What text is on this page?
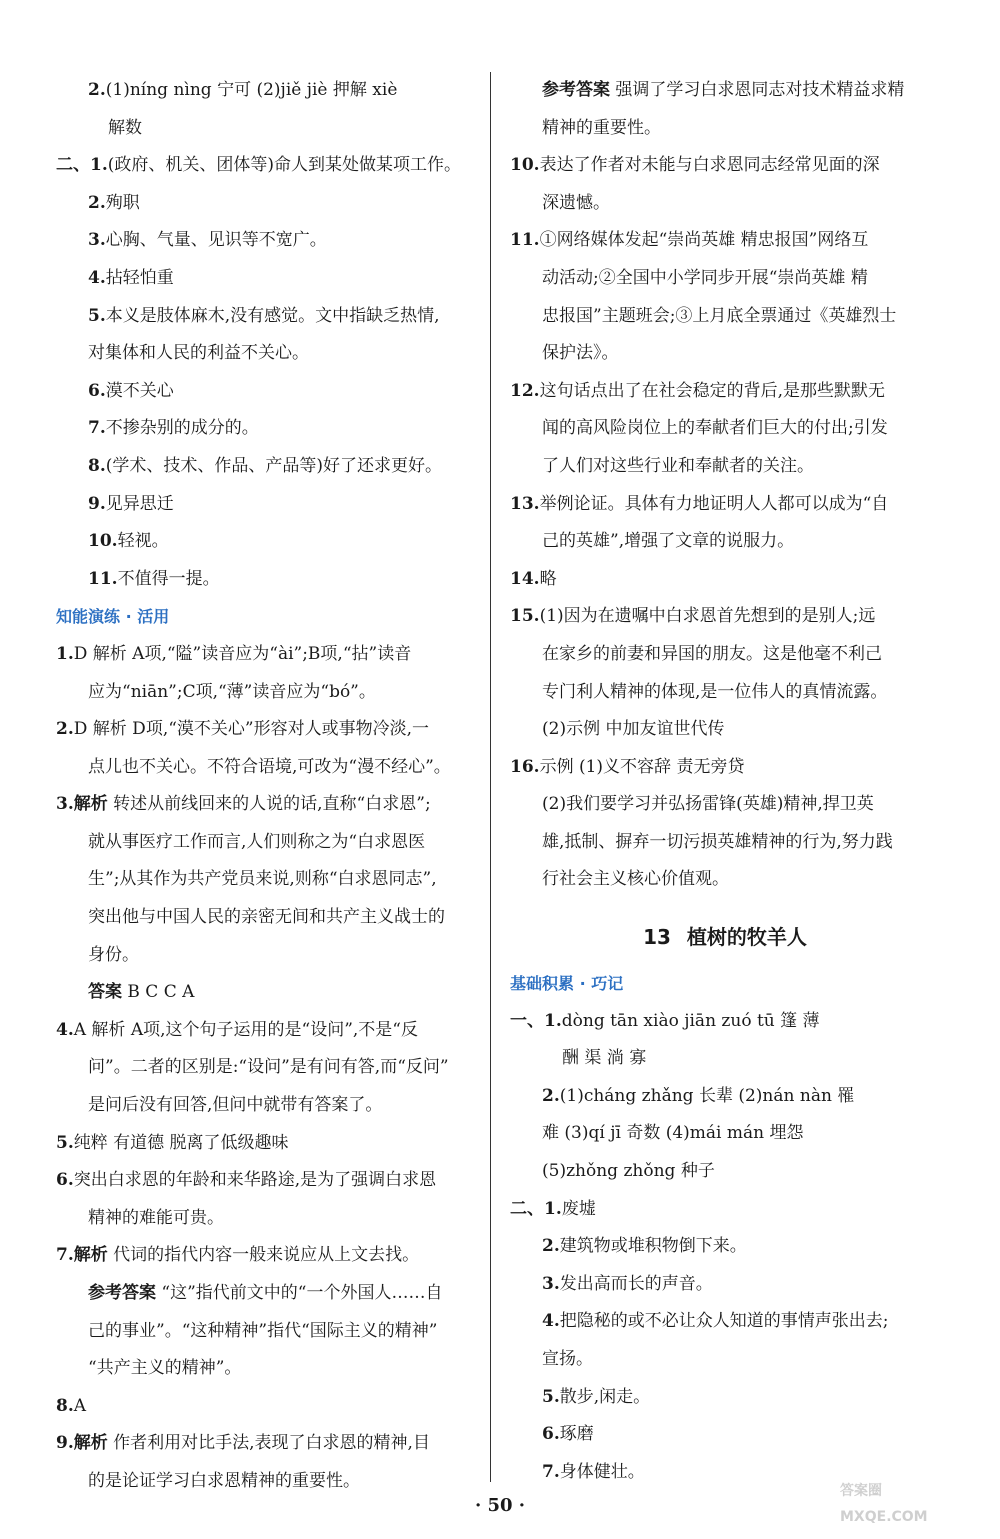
2.(1)níng nìng 宁可 (2)jiě jiè 押解 xiè
解数
二、1.(政府、机关、团体等)命人到某处做某项工作。
2.殉职
3.心胸、气量、见识等不宽广。
4.拈轻怕重
5.本义是肢体麻木,没有感觉。文中指缺乏热情,
对集体和人民的利益不关心。
6.漠不关心
7.不掺杂别的成分的。
8.(学术、技术、作品、产品等)好了还求更好。
9.见异思迁
10.轻视。
11.不值得一提。
知能演练 · 活用
1.D 解析 A项,“隘”读音应为“ài”;B项,“拈”读音
应为“niān”;C项,“薄”读音应为“bó”。
2.D 解析 D项,“漠不关心”形容对人或事物冷淡,一
点儿也不关心。不符合语境,可改为“漫不经心”。
3.解析 转述从前线回来的人说的话,直称“白求恩”;
就从事医疗工作而言,人们则称之为“白求恩医
生”;从其作为共产党员来说,则称“白求恩同志”,
突出他与中国人民的亲密无间和共产主义战士的
身份。
答案 B C C A
4.A 解析 A项,这个句子运用的是“设问”,不是“反
问”。二者的区别是:“设问”是有问有答,而“反问”
是问后没有回答,但问中就带有答案了。
5.纯粹 有道德 脱离了低级趣味
6.突出白求恩的年龄和来华路途,是为了强调白求恩
精神的难能可贵。
7.解析 代词的指代内容一般来说应从上文去找。
参考答案 “这”指代前文中的“一个外国人……自
己的事业”。“这种精神”指代“国际主义的精神”
“共产主义的精神”。
8.A
9.解析 作者利用对比手法,表现了白求恩的精神,目
的是论证学习白求恩精神的重要性。
参考答案 强调了学习白求恩同志对技术精益求精
精神的重要性。
10.表达了作者对未能与白求恩同志经常见面的深
深遗憾。
11.①网络媒体发起“崇尚英雄 精忠报国”网络互
动活动;②全国中小学同步开展“崇尚英雄 精
忠报国”主题班会;③上月底全票通过《英雄烈士
保护法》。
12.这句话点出了在社会稳定的背后,是那些默默无
闻的高风险岗位上的奉献者们巨大的付出;引发
了人们对这些行业和奉献者的关注。
13.举例论证。具体有力地证明人人都可以成为“自
己的英雄”,增强了文章的说服力。
14.略
15.(1)因为在遗嘱中白求恩首先想到的是别人;远
在家乡的前妻和异国的朋友。这是他毫不利己
专门利人精神的体现,是一位伟人的真情流露。
(2)示例 中加友谊世代传
16.示例 (1)义不容辞 责无旁贷
(2)我们要学习并弘扬雷锋(英雄)精神,捍卫英
雄,抵制、摒弃一切污损英雄精神的行为,努力践
行社会主义核心价值观。
13 植树的牧羊人
基础积累 · 巧记
一、1.dòng tān xiào jiān zuó tū 篷 薄
酬 渠 淌 寡
2.(1)cháng zhǎng 长辈 (2)nán nàn 罹
难 (3)qí jī 奇数 (4)mái mán 埋怨
(5)zhǒng zhǒng 种子
二、1.废墟
2.建筑物或堆积物倒下来。
3.发出高而长的声音。
4.把隐秘的或不必让众人知道的事情声张出去;
宣扬。
5.散步,闲走。
6.琢磨
7.身体健壮。
· 50 ·
答案圈
MXQE.COM
